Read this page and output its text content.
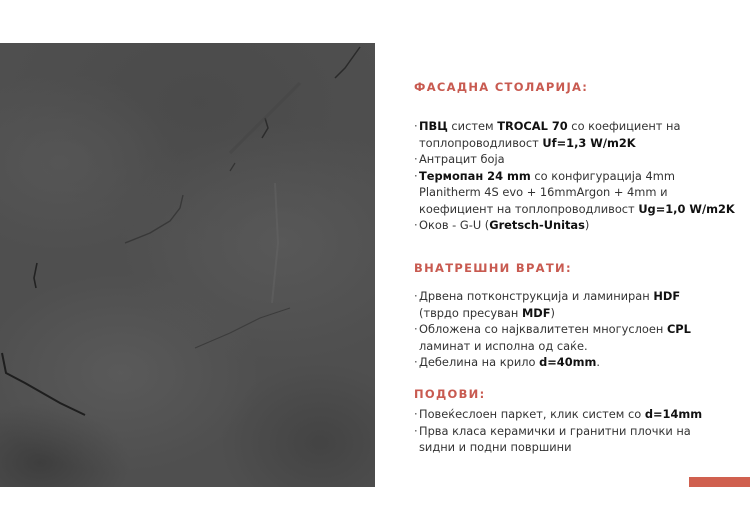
ФАСАДНА СТОЛАРИЈА:
·ПВЦ систем TROCAL 70 со коефициент на
топлопроводливост Uf=1,3 W/m2K
·Антрацит боја
·Термопан 24 mm со конфигурација 4mm
Planitherm 4S evo + 16mmArgon + 4mm и
коефициент на топлопроводливост Ug=1,0 W/m2K
·Оков - G-U (Gretsch-Unitas)
ВНАТРЕШНИ ВРАТИ:
·Дрвена потконструкција и ламиниран HDF
(тврдо пресуван MDF)
·Обложена со најквалитетен многуслоен CPL
ламинат и исполна од саќе.
·Дебелина на крило d=40mm.
ПОДОВИ:
·Повеќеслоен паркет, клик систем со d=14mm
·Прва класа керамички и гранитни плочки на
ѕидни и подни површини
